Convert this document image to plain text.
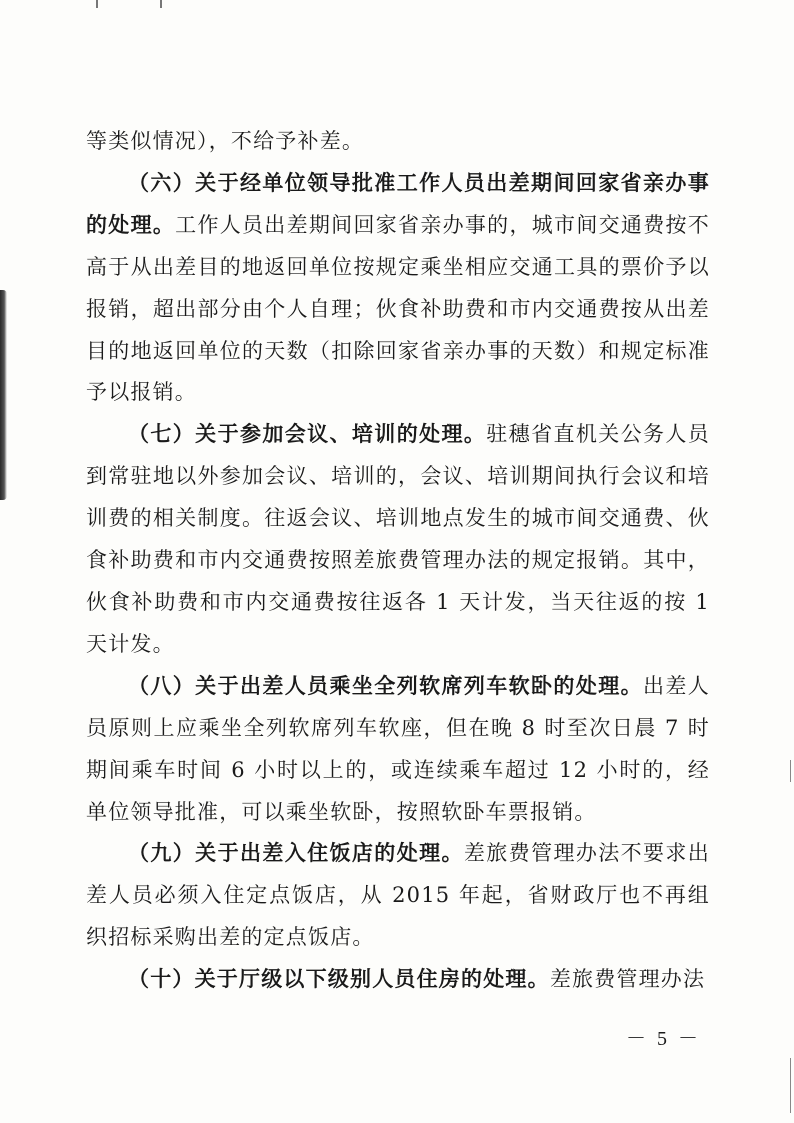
等类似情况），不给予补差。

（六）关于经单位领导批准工作人员出差期间回家省亲办事的处理。工作人员出差期间回家省亲办事的，城市间交通费按不高于从出差目的地返回单位按规定乘坐相应交通工具的票价予以报销，超出部分由个人自理；伙食补助费和市内交通费按从出差目的地返回单位的天数（扣除回家省亲办事的天数）和规定标准予以报销。

（七）关于参加会议、培训的处理。驻穗省直机关公务人员到常驻地以外参加会议、培训的，会议、培训期间执行会议和培训费的相关制度。往返会议、培训地点发生的城市间交通费、伙食补助费和市内交通费按照差旅费管理办法的规定报销。其中，伙食补助费和市内交通费按往返各 1 天计发，当天往返的按 1 天计发。

（八）关于出差人员乘坐全列软席列车软卧的处理。出差人员原则上应乘坐全列软席列车软座，但在晚 8 时至次日晨 7 时期间乘车时间 6 小时以上的，或连续乘车超过 12 小时的，经单位领导批准，可以乘坐软卧，按照软卧车票报销。

（九）关于出差入住饭店的处理。差旅费管理办法不要求出差人员必须入住定点饭店，从 2015 年起，省财政厅也不再组织招标采购出差的定点饭店。

（十）关于厅级以下级别人员住房的处理。差旅费管理办法

－ 5 －
